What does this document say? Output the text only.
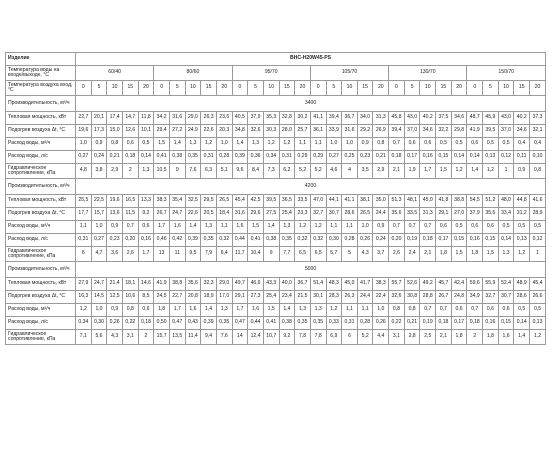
Изделие	BHC-H20W45-PS																													
Температура воды на входе/выходе, °С	60/40					80/60					95/70					105/70					130/70					150/70				
Температура воздуха вход, °С	0	5	10	15	20	0	5	10	15	20	0	5	10	15	20	0	5	10	15	20	0	5	10	15	20	0	5	10	15	20
Производительность, м³/ч	3400																													
Тепловая мощность, кВт	22,7	20,1	17,4	14,7	11,8	34,2	31,6	29,0	26,3	23,6	40,5	37,9	35,3	32,8	30,2	41,1	39,4	36,7	34,0	31,3	45,8	43,0	40,2	37,5	34,6	48,7	45,9	43,0	40,2	37,3
Подогрев воздуха Δt, °С	19,6	17,3	15,0	12,6	10,1	29,4	27,2	24,9	22,6	20,3	34,8	32,6	30,3	28,0	25,7	36,1	33,9	31,6	29,2	26,9	39,4	37,0	34,6	32,2	29,8	41,9	39,5	37,0	34,6	32,1
Расход воды, м³/ч	1,0	0,9	0,8	0,6	0,5	1,5	1,4	1,3	1,2	1,0	1,4	1,3	1,2	1,2	1,1	1,1	1,0	1,0	0,9	0,8	0,7	0,6	0,6	0,5	0,5	0,6	0,5	0,5	0,4	0,4
Расход воды, л/с	0,27	0,24	0,21	0,18	0,14	0,41	0,38	0,35	0,31	0,28	0,39	0,36	0,34	0,31	0,29	0,29	0,27	0,25	0,23	0,21	0,18	0,17	0,16	0,15	0,14	0,14	0,13	0,12	0,11	0,10
Гидравлическое сопротивление, кПа	4,8	3,8	2,9	2	1,3	10,5	9	7,6	6,3	5,1	9,6	8,4	7,3	6,2	5,2	5,2	4,6	4	3,5	2,9	2,1	1,9	1,7	1,5	1,2	1,4	1,2	1	0,9	0,8
Производительность, м³/ч	4200																													
Тепловая мощность, кВт	25,5	22,5	19,6	16,5	13,3	38,3	35,4	32,5	29,5	26,5	45,4	42,5	39,5	36,5	33,5	47,0	44,1	41,1	38,1	35,0	51,3	48,1	45,0	41,8	38,8	54,5	51,2	48,0	44,8	41,6
Подогрев воздуха Δt, °С	17,7	15,7	13,6	11,5	9,2	26,7	24,7	22,6	20,5	18,4	31,6	29,6	27,5	25,4	23,3	32,7	30,7	28,6	26,5	24,4	35,6	33,5	31,3	29,1	27,0	37,9	35,6	33,4	31,2	28,9
Расход воды, м³/ч	1,1	1,0	0,9	0,7	0,6	1,7	1,6	1,4	1,3	1,1	1,6	1,5	1,4	1,3	1,2	1,2	1,1	1,1	1,0	0,9	0,7	0,7	0,7	0,6	0,5	0,6	0,6	0,5	0,5	0,5
Расход воды, л/с	0,31	0,27	0,23	0,20	0,16	0,46	0,42	0,39	0,35	0,32	0,44	0,41	0,38	0,35	0,32	0,32	0,30	0,28	0,26	0,24	0,20	0,19	0,18	0,17	0,15	0,16	0,15	0,14	0,13	0,12
Гидравлическое сопротивление, кПа	6	4,7	3,6	2,6	1,7	13	11	9,5	7,9	6,4	11,7	10,4	9	7,7	6,5	6,5	5,7	5	4,3	3,7	2,6	2,4	2,1	1,8	1,5	1,8	1,5	1,3	1,2	1
Производительность, м³/ч	5000																													
Тепловая мощность, кВт	27,9	24,7	21,4	18,1	14,6	41,9	38,8	35,6	32,3	29,0	49,7	46,6	43,3	40,0	36,7	51,4	48,3	45,0	41,7	38,3	55,7	52,6	49,2	45,7	42,4	59,6	55,9	52,4	48,9	45,4
Подогрев воздуха Δt, °С	16,3	14,5	12,5	10,6	8,5	24,5	22,7	20,8	18,9	17,0	29,1	27,3	25,4	23,4	21,5	30,1	28,3	26,3	24,4	22,4	32,6	30,8	28,8	26,7	24,8	34,9	32,7	30,7	28,6	26,6
Расход воды, м³/ч	1,2	1,0	0,9	0,8	0,6	1,8	1,7	1,6	1,4	1,3	1,7	1,6	1,5	1,4	1,3	1,3	1,2	1,1	1,1	1,0	0,8	0,8	0,7	0,7	0,6	0,7	0,6	0,6	0,5	0,5
Расход воды, л/с	0,34	0,30	0,26	0,22	0,18	0,50	0,47	0,43	0,39	0,35	0,47	0,44	0,41	0,38	0,35	0,35	0,33	0,31	0,28	0,26	0,22	0,21	0,19	0,18	0,17	0,18	0,16	0,15	0,14	0,13
Гидравлическое сопротивление, кПа	7,1	5,6	4,3	3,1	2	15,7	13,5	11,4	9,4	7,6	14	12,4	10,7	9,2	7,8	7,8	6,9	6	5,2	4,4	3,1	2,8	2,5	2,1	1,8	2	1,8	1,6	1,4	1,2
